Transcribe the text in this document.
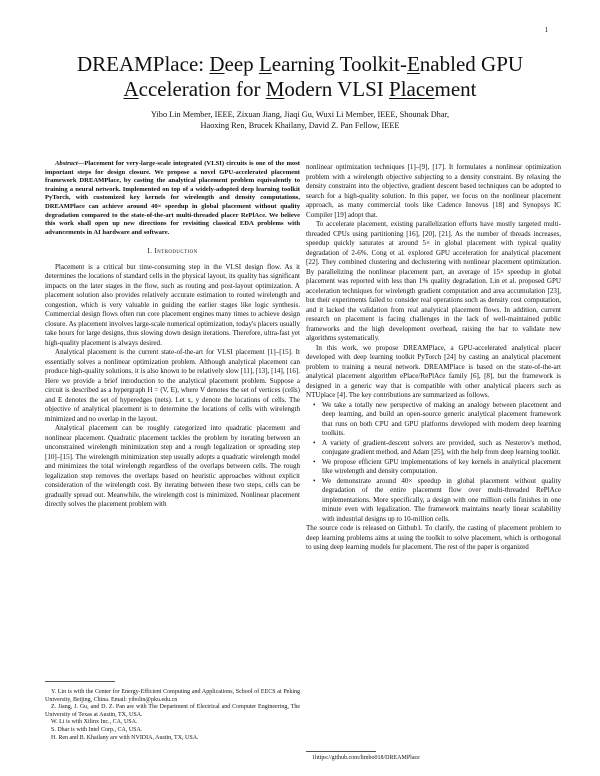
1
DREAMPlace: Deep Learning Toolkit-Enabled GPU
Acceleration for Modern VLSI Placement
Yibo Lin Member, IEEE, Zixuan Jiang, Jiaqi Gu, Wuxi Li Member, IEEE, Shounak Dhar,
Haoxing Ren, Brucek Khailany, David Z. Pan Fellow, IEEE

Abstract—Placement for very-large-scale integrated (VLSI) circuits is one of the most important steps for design closure. We propose a novel GPU-accelerated placement framework DREAMPlace, by casting the analytical placement problem equivalently to training a neural network. Implemented on top of a widely-adopted deep learning toolkit PyTorch, with customized key kernels for wirelength and density computations, DREAMPlace can achieve around 40× speedup in global placement without quality degradation compared to the state-of-the-art multi-threaded placer RePlAce. We believe this work shall open up new directions for revisiting classical EDA problems with advancements in AI hardware and software.

I. Introduction

Placement is a critical but time-consuming step in the VLSI design flow. As it determines the locations of standard cells in the physical layout, its quality has significant impacts on the later stages in the flow, such as routing and post-layout optimization. A placement solution also provides relatively accurate estimation to routed wirelength and congestion, which is very valuable in guiding the earlier stages like logic synthesis. Commercial design flows often run core placement engines many times to achieve design closure. As placement involves large-scale numerical optimization, today's placers usually take hours for large designs, thus slowing down design iterations. Therefore, ultra-fast yet high-quality placement is always desired.

Analytical placement is the current state-of-the-art for VLSI placement [1]–[15]. It essentially solves a nonlinear optimization problem. Although analytical placement can produce high-quality solutions, it is also known to be relatively slow [11], [13], [14], [16]. Here we provide a brief introduction to the analytical placement problem. Suppose a circuit is described as a hypergraph H = (V, E), where V denotes the set of vertices (cells) and E denotes the set of hyperedges (nets). Let x, y denote the locations of cells. The objective of analytical placement is to determine the locations of cells with wirelength minimized and no overlap in the layout.

Analytical placement can be roughly categorized into quadratic placement and nonlinear placement. Quadratic placement tackles the problem by iterating between an unconstrained wirelength minimization step and a rough legalization or spreading step [10]–[15]. The wirelength minimization step usually adopts a quadratic wirelength model and minimizes the total wirelength regardless of the overlaps between cells. The rough legalization step removes the overlaps based on heuristic approaches without explicit consideration of the wirelength cost. By iterating between these two steps, cells can be gradually spread out. Meanwhile, the wirelength cost is minimized. Nonlinear placement directly solves the placement problem with

Y. Lin is with the Center for Energy-Efficient Computing and Applications, School of EECS at Peking University, Beijing, China. Email: yibolin@pku.edu.cn
Z. Jiang, J. Gu, and D. Z. Pan are with The Department of Electrical and Computer Engineering, The University of Texas at Austin, TX, USA.
W. Li is with Xilinx Inc., CA, USA.
S. Dhar is with Intel Corp., CA, USA.
H. Ren and B. Khailany are with NVIDIA, Austin, TX, USA.

nonlinear optimization techniques [1]–[9], [17]. It formulates a nonlinear optimization problem with a wirelength objective subjecting to a density constraint. By relaxing the density constraint into the objective, gradient descent based techniques can be adopted to search for a high-quality solution. In this paper, we focus on the nonlinear placement approach, as many commercial tools like Cadence Innovus [18] and Synopsys IC Compiler [19] adopt that.

To accelerate placement, existing parallelization efforts have mostly targeted multi-threaded CPUs using partitioning [16], [20], [21]. As the number of threads increases, speedup quickly saturates at around 5× in global placement with typical quality degradation of 2-6%. Cong et al. explored GPU acceleration for analytical placement [22]. They combined clustering and declustering with nonlinear placement optimization. By parallelizing the nonlinear placement part, an average of 15× speedup in global placement was reported with less than 1% quality degradation. Lin et al. proposed GPU acceleration techniques for wirelength gradient computation and area accumulation [23], but their experiments failed to consider real operations such as density cost computation, and it lacked the validation from real analytical placement flows. In addition, current research on placement is facing challenges in the lack of well-maintained public frameworks and the high development overhead, raising the bar to validate new algorithms systematically.

In this work, we propose DREAMPlace, a GPU-accelerated analytical placer developed with deep learning toolkit PyTorch [24] by casting an analytical placement problem to training a neural network. DREAMPlace is based on the state-of-the-art analytical placement algorithm ePlace/RePlAce family [6], [8], but the framework is designed in a generic way that is compatible with other analytical placers such as NTUplace [4]. The key contributions are summarized as follows.

• We take a totally new perspective of making an analogy between placement and deep learning, and build an open-source generic analytical placement framework that runs on both CPU and GPU platforms developed with modern deep learning toolkits.
• A variety of gradient-descent solvers are provided, such as Nesterov's method, conjugate gradient method, and Adam [25], with the help from deep learning toolkit.
• We propose efficient GPU implementations of key kernels in analytical placement like wirelength and density computation.
• We demonstrate around 40× speedup in global placement without quality degradation of the entire placement flow over multi-threaded RePlAce implementations. More specifically, a design with one million cells finishes in one minute even with legalization. The framework maintains nearly linear scalability with industrial designs up to 10-million cells.

The source code is released on Github1. To clarify, the casting of placement problem to deep learning problems aims at using the toolkit to solve placement, which is orthogonal to using deep learning models for placement. The rest of the paper is organized

1https://github.com/limbo018/DREAMPlace
